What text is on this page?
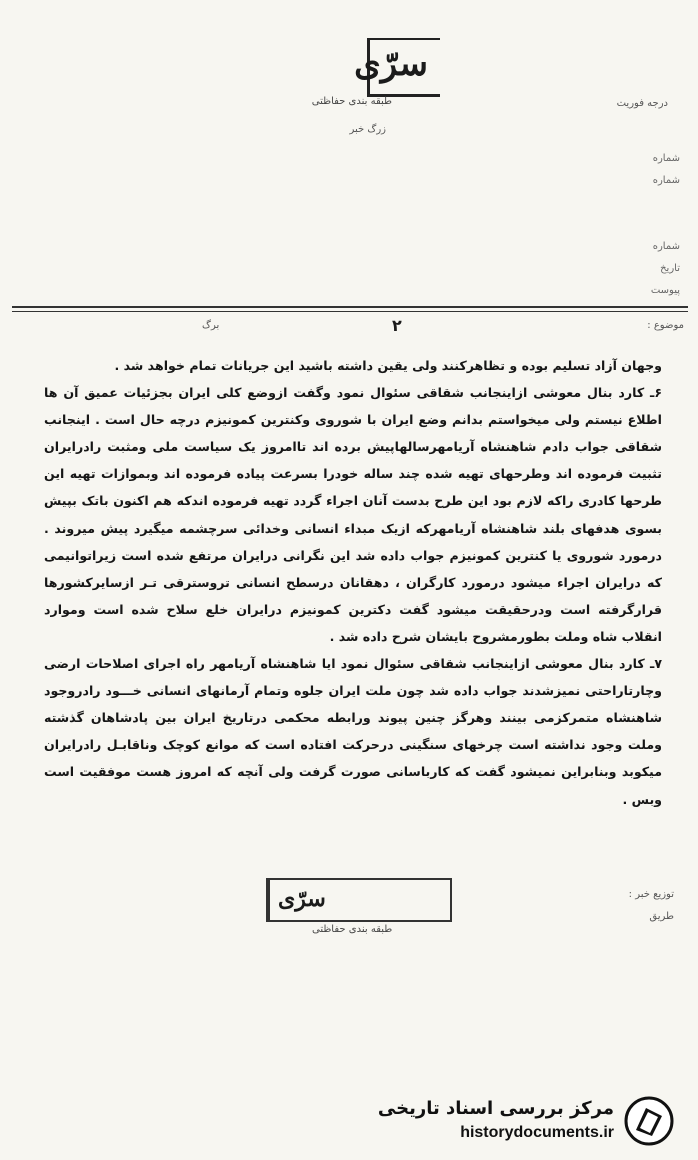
سرّی
طبقه بندی حفاظتی	درجه فوریت
زرگ خبر
شماره
شماره
شماره
تاریخ
پیوست
موضوع :
۲
برگ

وجهان آزاد تسلیم بوده و تظاهرکنند ولی یقین داشته باشید این جریانات تمام خواهد شد .

۶ـ کارد بنال معوشی ازاینجانب شقاقی سئوال نمود وگفت ازوضع کلی ایران بجزئیات عمیق آن ها اطلاع نیستم ولی میخواستم بدانم وضع ایران با شوروی وکنترین کمونیزم درچه حال است . اینجانب شقاقی جواب دادم شاهنشاه آریامهرسالهاپیش برده اند تاامروز یک سیاست ملی ومثبت رادرایران تثبیت فرموده اند وطرحهای تهیه شده چند ساله خودرا بسرعت پیاده فرموده اند وبموازات تهیه این طرحها کادری راکه لازم بود این طرح بدست آنان اجراء گردد تهیه فرموده اندکه هم اکنون باتک بپیش بسوی هدفهای بلند شاهنشاه آریامهرکه ازیک مبداء انسانی وخدائی سرچشمه میگیرد پیش میروند . درمورد شوروی یا کنترین کمونیزم جواب داده شد این نگرانی درایران مرتفع شده است زیراتوانیمی که درایران اجراء میشود درمورد کارگران ، دهقانان درسطح انسانی تروسترقی تـر ازسایرکشورها قرارگرفته است ودرحقیقت میشود گفت دکترین کمونیزم درایران خلع سلاح شده است وموارد انقلاب شاه وملت بطورمشروح بایشان شرح داده شد .

۷ـ کارد بنال معوشی ازاینجانب شقاقی سئوال نمود ایا شاهنشاه آریامهر راه اجرای اصلاحات ارضی وچارتاراحتی نمیزشدند جواب داده شد چون ملت ایران جلوه وتمام آرمانهای انسانی خـــود رادروجود شاهنشاه متمرکزمی بینند وهرگز چنین پیوند ورابطه محکمی درتاریخ ایران بین پادشاهان گذشته وملت وجود نداشته است چرخهای سنگینی درحرکت افتاده است که موانع کوچک وناقابـل رادرایران میکوبد وبنابراین نمیشود گفت که کارباسانی صورت گرفت ولی آنچه که امروز هست موفقیت است وبس .

توزیع خبر :
طریق
سرّی
طبقه بندی حفاظتی
مرکز بررسی اسناد تاریخی
historydocuments.ir
